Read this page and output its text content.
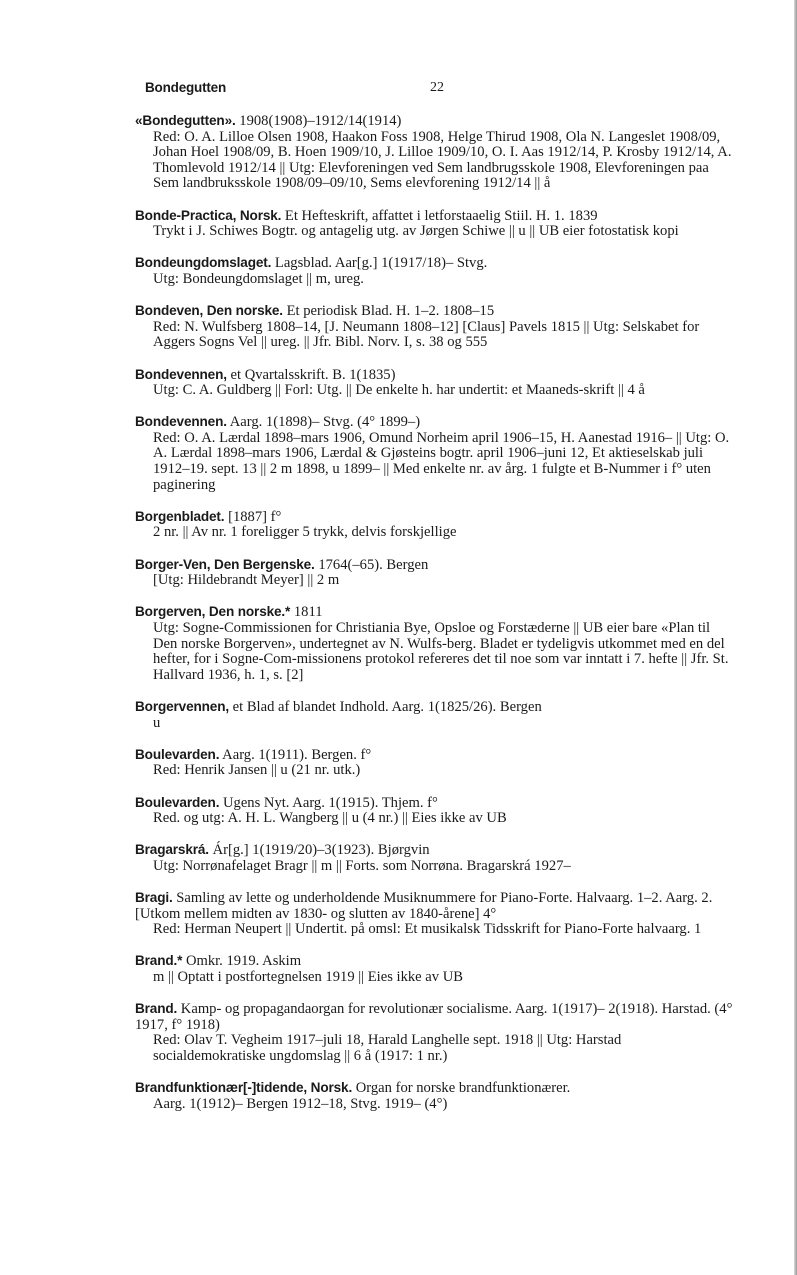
Bondegutten	22
«Bondegutten». 1908(1908)–1912/14(1914)
Red: O. A. Lilloe Olsen 1908, Haakon Foss 1908, Helge Thirud 1908, Ola N. Langeslet 1908/09, Johan Hoel 1908/09, B. Hoen 1909/10, J. Lilloe 1909/10, O. I. Aas 1912/14, P. Krosby 1912/14, A. Thomlevold 1912/14 || Utg: Elevforeningen ved Sem landbrugsskole 1908, Elevforeningen paa Sem landbruksskole 1908/09–09/10, Sems elevforening 1912/14 || å
Bonde-Practica, Norsk. Et Hefteskrift, affattet i letforstaaelig Stiil. H. 1. 1839
Trykt i J. Schiwes Bogtr. og antagelig utg. av Jørgen Schiwe || u || UB eier fotostatisk kopi
Bondeungdomslaget. Lagsblad. Aar[g.] 1(1917/18)– Stvg.
Utg: Bondeungdomslaget || m, ureg.
Bondeven, Den norske. Et periodisk Blad. H. 1–2. 1808–15
Red: N. Wulfsberg 1808–14, [J. Neumann 1808–12] [Claus] Pavels 1815 || Utg: Selskabet for Aggers Sogns Vel || ureg. || Jfr. Bibl. Norv. I, s. 38 og 555
Bondevennen, et Qvartalsskrift. B. 1(1835)
Utg: C. A. Guldberg || Forl: Utg. || De enkelte h. har undertit: et Maaneds-skrift || 4 å
Bondevennen. Aarg. 1(1898)– Stvg. (4° 1899–)
Red: O. A. Lærdal 1898–mars 1906, Omund Norheim april 1906–15, H. Aanestad 1916– || Utg: O. A. Lærdal 1898–mars 1906, Lærdal & Gjøsteins bogtr. april 1906–juni 12, Et aktieselskab juli 1912–19. sept. 13 || 2 m 1898, u 1899– || Med enkelte nr. av årg. 1 fulgte et B-Nummer i f° uten paginering
Borgenbladet. [1887] f°
2 nr. || Av nr. 1 foreligger 5 trykk, delvis forskjellige
Borger-Ven, Den Bergenske. 1764(–65). Bergen
[Utg: Hildebrandt Meyer] || 2 m
Borgerven, Den norske.* 1811
Utg: Sogne-Commissionen for Christiania Bye, Opsloe og Forstæderne || UB eier bare «Plan til Den norske Borgerven», undertegnet av N. Wulfs-berg. Bladet er tydeligvis utkommet med en del hefter, for i Sogne-Com-missionens protokol refereres det til noe som var inntatt i 7. hefte || Jfr. St. Hallvard 1936, h. 1, s. [2]
Borgervennen, et Blad af blandet Indhold. Aarg. 1(1825/26). Bergen
u
Boulevarden. Aarg. 1(1911). Bergen. f°
Red: Henrik Jansen || u (21 nr. utk.)
Boulevarden. Ugens Nyt. Aarg. 1(1915). Thjem. f°
Red. og utg: A. H. L. Wangberg || u (4 nr.) || Eies ikke av UB
Bragarskrá. Ár[g.] 1(1919/20)–3(1923). Bjørgvin
Utg: Norrønafelaget Bragr || m || Forts. som Norrøna. Bragarskrá 1927–
Bragi. Samling av lette og underholdende Musiknummere for Piano-Forte. Halvaarg. 1–2. Aarg. 2. [Utkom mellem midten av 1830- og slutten av 1840-årene] 4°
Red: Herman Neupert || Undertit. på omsl: Et musikalsk Tidsskrift for Piano-Forte halvaarg. 1
Brand.* Omkr. 1919. Askim
m || Optatt i postfortegnelsen 1919 || Eies ikke av UB
Brand. Kamp- og propagandaorgan for revolutionær socialisme. Aarg. 1(1917)– 2(1918). Harstad. (4° 1917, f° 1918)
Red: Olav T. Vegheim 1917–juli 18, Harald Langhelle sept. 1918 || Utg: Harstad socialdemokratiske ungdomslag || 6 å (1917: 1 nr.)
Brandfunktionær[-]tidende, Norsk. Organ for norske brandfunktionærer.
Aarg. 1(1912)– Bergen 1912–18, Stvg. 1919– (4°)
